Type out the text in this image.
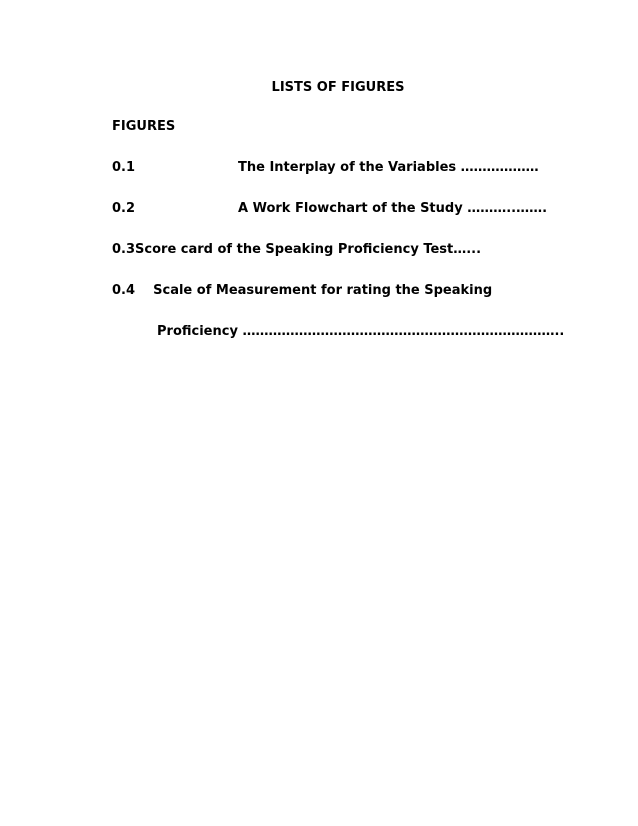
LISTS OF FIGURES
FIGURES
0.1	The Interplay of the Variables ………………
0.2	A Work Flowchart of the Study ………..…….
0.3Score card of the Speaking Proficiency Test…...
0.4    Scale of Measurement for rating the Speaking
Proficiency ………………………………………………………………..
